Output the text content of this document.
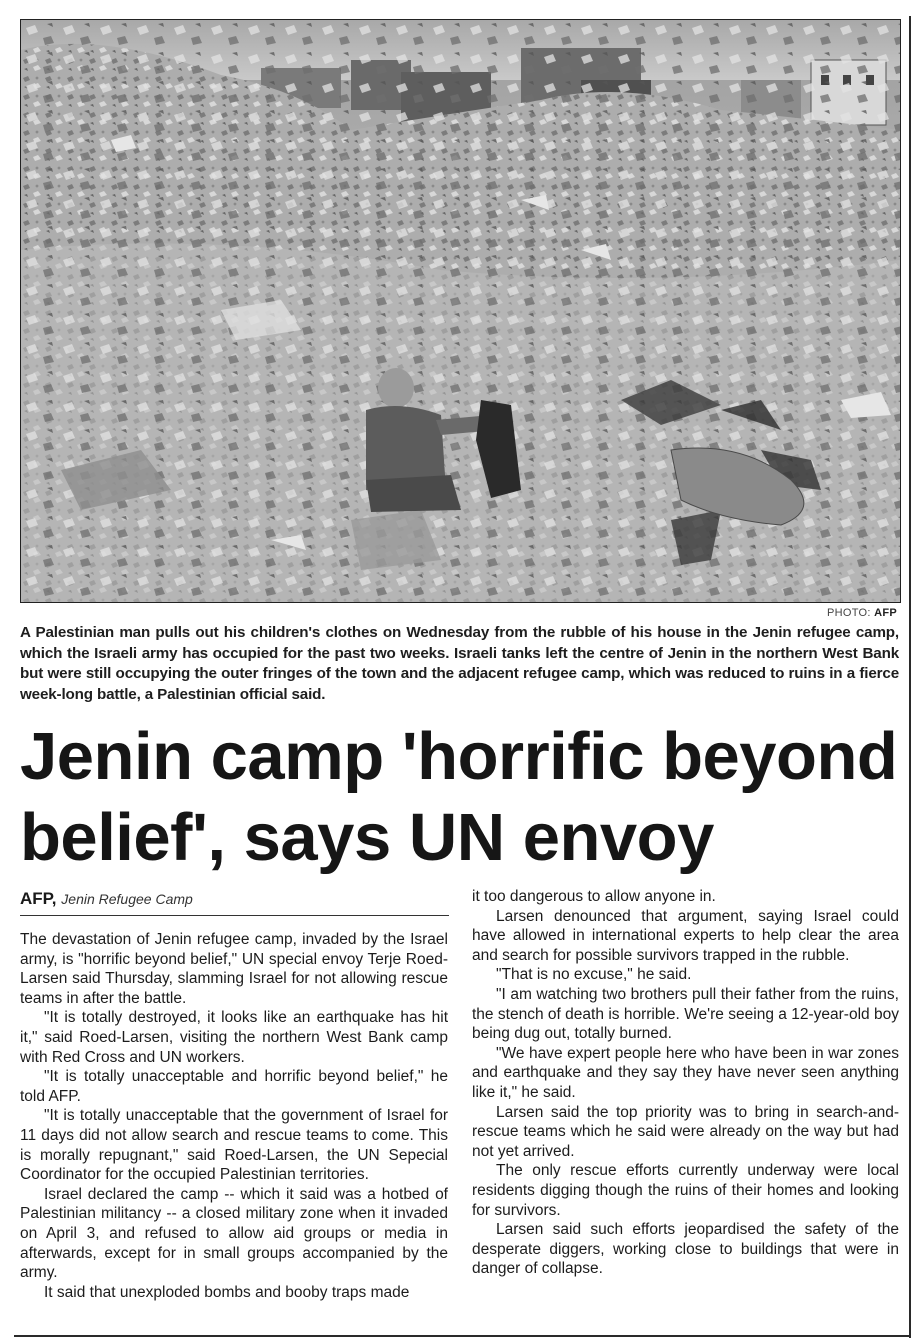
PHOTO: AFP
A Palestinian man pulls out his children's clothes on Wednesday from the rubble of his house in the Jenin refugee camp, which the Israeli army has occupied for the past two weeks. Israeli tanks left the centre of Jenin in the northern West Bank but were still occupying the outer fringes of the town and the adjacent refugee camp, which was reduced to ruins in a fierce week-long battle, a Palestinian official said.
Jenin camp 'horrific beyond belief', says UN envoy
AFP, Jenin Refugee Camp

The devastation of Jenin refugee camp, invaded by the Israel army, is "horrific beyond belief," UN special envoy Terje Roed-Larsen said Thursday, slamming Israel for not allowing rescue teams in after the battle.

"It is totally destroyed, it looks like an earthquake has hit it," said Roed-Larsen, visiting the northern West Bank camp with Red Cross and UN workers.

"It is totally unacceptable and horrific beyond belief," he told AFP.

"It is totally unacceptable that the government of Israel for 11 days did not allow search and rescue teams to come. This is morally repugnant," said Roed-Larsen, the UN Sepecial Coordinator for the occupied Palestinian territories.

Israel declared the camp -- which it said was a hotbed of Palestinian militancy -- a closed military zone when it invaded on April 3, and refused to allow aid groups or media in afterwards, except for in small groups accompanied by the army.

It said that unexploded bombs and booby traps made

it too dangerous to allow anyone in.

Larsen denounced that argument, saying Israel could have allowed in international experts to help clear the area and search for possible survivors trapped in the rubble.

"That is no excuse," he said.

"I am watching two brothers pull their father from the ruins, the stench of death is horrible. We're seeing a 12-year-old boy being dug out, totally burned.

"We have expert people here who have been in war zones and earthquake and they say they have never seen anything like it," he said.

Larsen said the top priority was to bring in search-and-rescue teams which he said were already on the way but had not yet arrived.

The only rescue efforts currently underway were local residents digging though the ruins of their homes and looking for survivors.

Larsen said such efforts jeopardised the safety of the desperate diggers, working close to buildings that were in danger of collapse.
